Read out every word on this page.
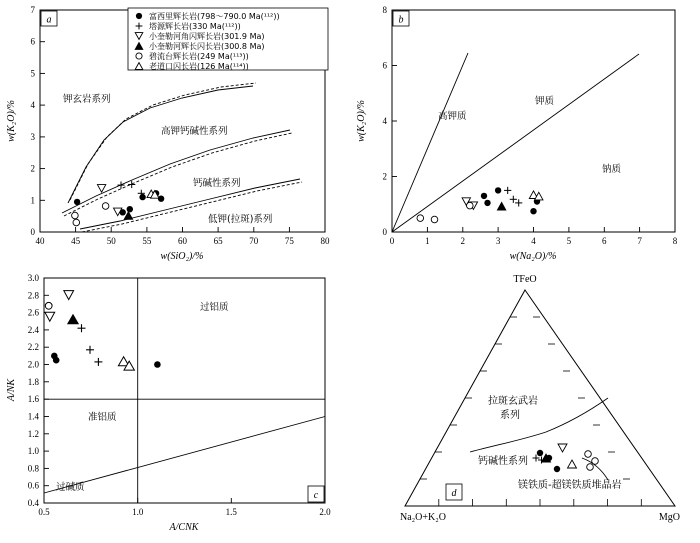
a
40	45	50	55	60	65	70	75	80
0
1
2
3
4
5
6
7
w(SiO₂)/%
w(K₂O)/%
钾玄岩系列
高钾钙碱性系列
钙碱性系列
低钾(拉斑)系列
富西里辉长岩(798～790.0 Ma(¹¹²))
塔源辉长岩(330 Ma(¹¹²))
小奎勒河角闪辉长岩(301.9 Ma)
小奎勒河辉长闪长岩(300.8 Ma)
碧流台辉长岩(249 Ma(¹¹³))
老道口闪长岩(126 Ma(¹¹⁴))
b
0	1	2	3	4	5	6	7	8
0
2
4
6
8
w(Na₂O)/%
w(K₂O)/%	高钾质
钾质
钠质
0.5	1.0	1.5	2.0
0.4
0.6
0.8
1.0
1.2
1.4
1.6
1.8
2.0
2.2
2.4
2.6
2.8
3.0
A/CNK
A/NK
过铝质
准铝质
过碱质
c
TFeO
Na₂O+K₂O	MgO
拉斑玄武岩
系列
钙碱性系列
镁铁质-超镁铁质堆晶岩
d
